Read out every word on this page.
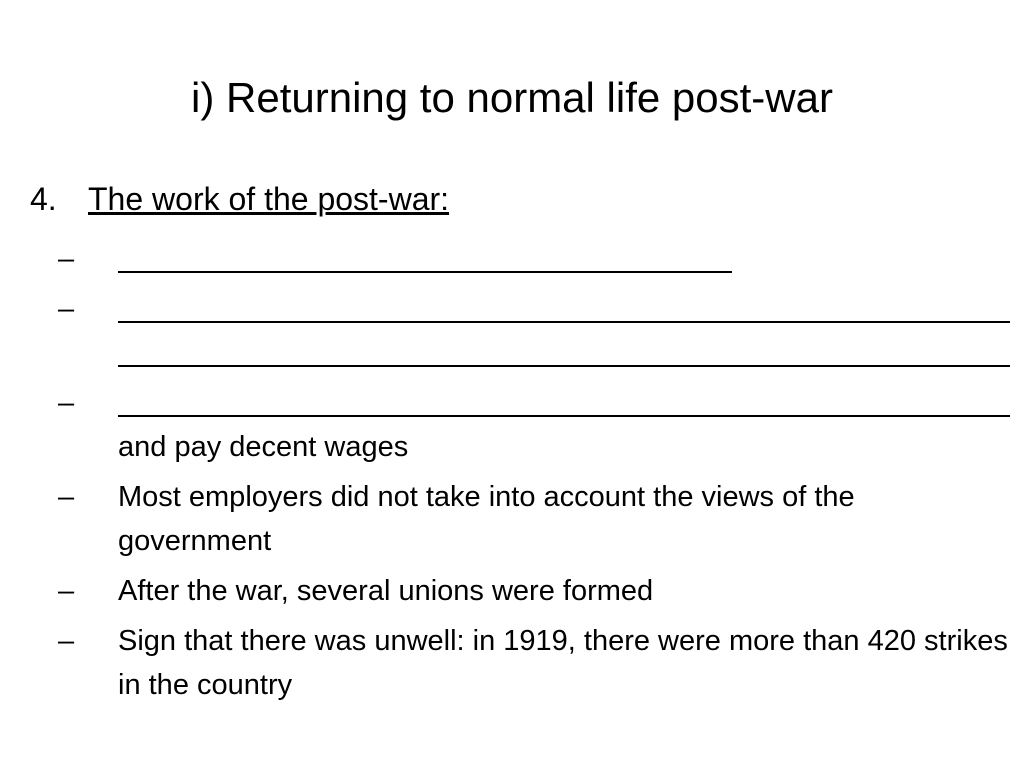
i) Returning to normal life post-war
4. The work of the post-war:
–
–
–
and pay decent wages
–	Most employers did not take into account the views of the government
–	After the war, several unions were formed
–	Sign that there was unwell: in 1919, there were more than 420 strikes in the country
